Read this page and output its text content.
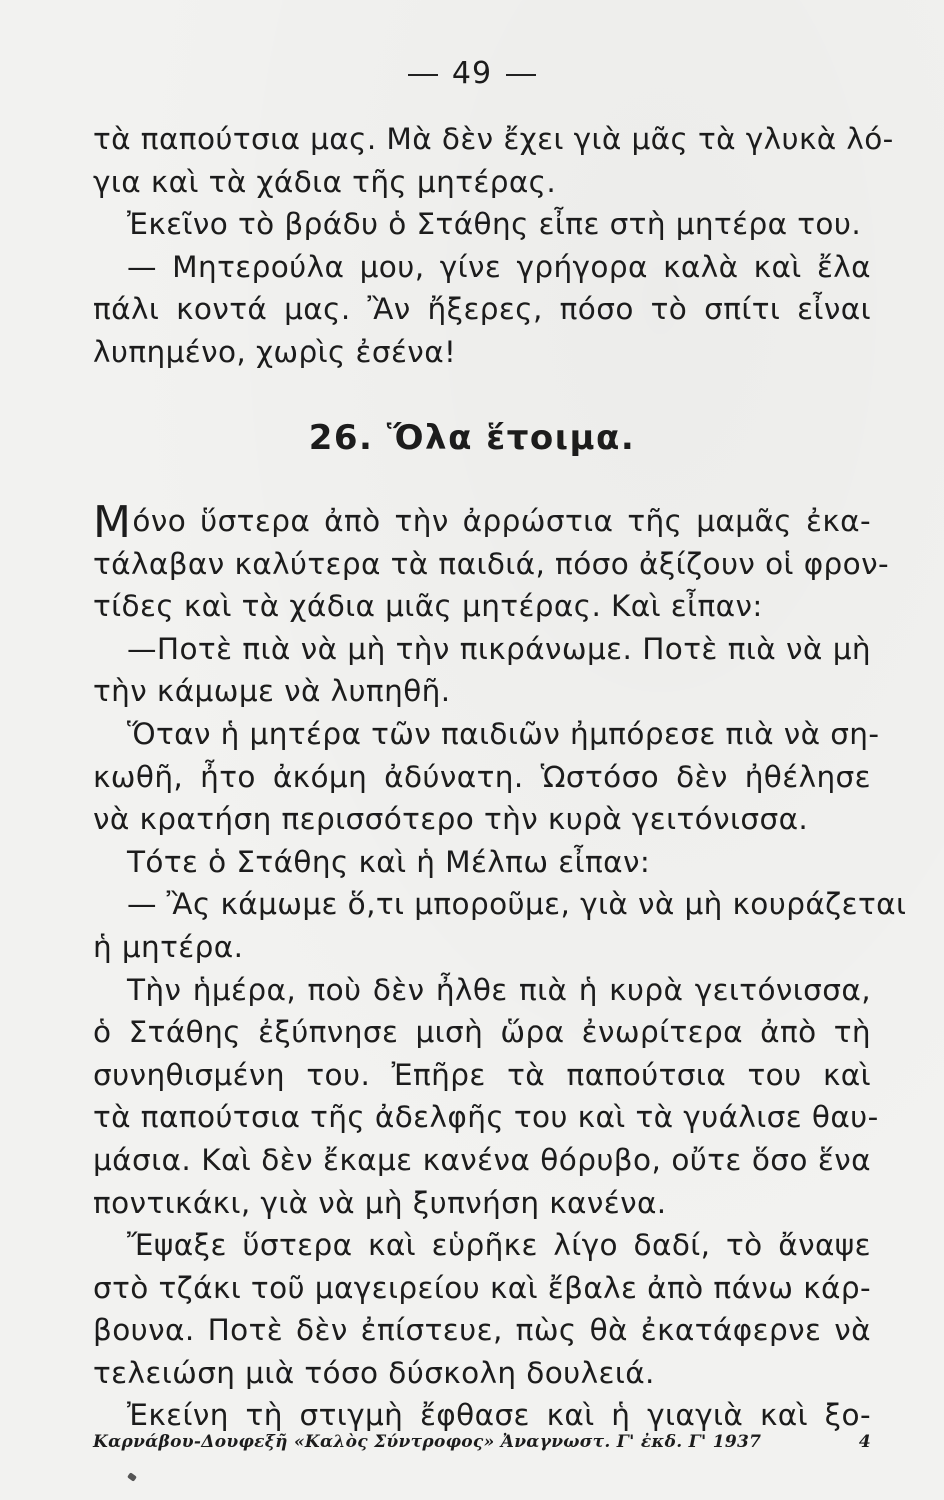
49
τὰ παπούτσια μας. Μὰ δὲν ἔχει γιὰ μᾶς τὰ γλυκὰ λό-
για καὶ τὰ χάδια τῆς μητέρας.
Ἐκεῖνο τὸ βράδυ ὁ Στάθης εἶπε στὴ μητέρα του.
— Μητερούλα μου, γίνε γρήγορα καλὰ καὶ ἔλα
πάλι κοντά μας. Ἂν ἤξερες, πόσο τὸ σπίτι εἶναι
λυπημένο, χωρὶς ἐσένα!
26. Ὅλα ἕτοιμα.
Μόνο ὕστερα ἀπὸ τὴν ἀρρώστια τῆς μαμᾶς ἐκα-
τάλαβαν καλύτερα τὰ παιδιά, πόσο ἀξίζουν οἱ φρον-
τίδες καὶ τὰ χάδια μιᾶς μητέρας. Καὶ εἶπαν:
—Ποτὲ πιὰ νὰ μὴ τὴν πικράνωμε. Ποτὲ πιὰ νὰ μὴ
τὴν κάμωμε νὰ λυπηθῆ.
Ὅταν ἡ μητέρα τῶν παιδιῶν ἠμπόρεσε πιὰ νὰ ση-
κωθῆ, ἦτο ἀκόμη ἀδύνατη. Ὡστόσο δὲν ἠθέλησε
νὰ κρατήση περισσότερο τὴν κυρὰ γειτόνισσα.
Τότε ὁ Στάθης καὶ ἡ Μέλπω εἶπαν:
— Ἂς κάμωμε ὅ,τι μποροῦμε, γιὰ νὰ μὴ κουράζεται
ἡ μητέρα.
Τὴν ἡμέρα, ποὺ δὲν ἦλθε πιὰ ἡ κυρὰ γειτόνισσα,
ὁ Στάθης ἐξύπνησε μισὴ ὥρα ἐνωρίτερα ἀπὸ τὴ
συνηθισμένη του. Ἐπῆρε τὰ παπούτσια του καὶ
τὰ παπούτσια τῆς ἀδελφῆς του καὶ τὰ γυάλισε θαυ-
μάσια. Καὶ δὲν ἔκαμε κανένα θόρυβο, οὔτε ὅσο ἕνα
ποντικάκι, γιὰ νὰ μὴ ξυπνήση κανένα.
Ἔψαξε ὕστερα καὶ εὑρῆκε λίγο δαδί, τὸ ἄναψε
στὸ τζάκι τοῦ μαγειρείου καὶ ἔβαλε ἀπὸ πάνω κάρ-
βουνα. Ποτὲ δὲν ἐπίστευε, πὼς θὰ ἐκατάφερνε νὰ
τελειώση μιὰ τόσο δύσκολη δουλειά.
Ἐκείνη τὴ στιγμὴ ἔφθασε καὶ ἡ γιαγιὰ καὶ ξο-
Καρνάβου-Δουφεξῆ «Καλὸς Σύντροφος» Ἀναγνωστ. Γ' ἐκδ. Γ' 1937	4
